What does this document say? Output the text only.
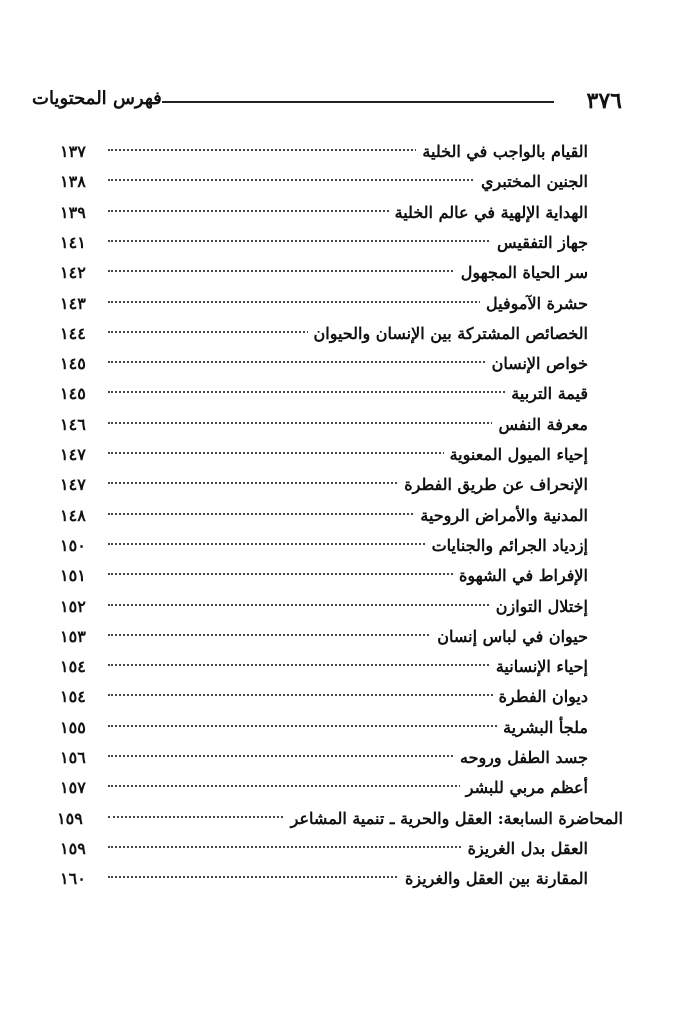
٣٧٦
فهرس المحتويات
القيام بالواجب في الخلية
١٣٧
الجنين المختبري
١٣٨
الهداية الإلهية في عالم الخلية
١٣٩
جهاز التفقيس
١٤١
سر الحياة المجهول
١٤٢
حشرة الآموفيل
١٤٣
الخصائص المشتركة بين الإنسان والحيوان
١٤٤
خواص الإنسان
١٤٥
قيمة التربية
١٤٥
معرفة النفس
١٤٦
إحياء الميول المعنوية
١٤٧
الإنحراف عن طريق الفطرة
١٤٧
المدنية والأمراض الروحية
١٤٨
إزدياد الجرائم والجنايات
١٥٠
الإفراط في الشهوة
١٥١
إختلال التوازن
١٥٢
حيوان في لباس إنسان
١٥٣
إحياء الإنسانية
١٥٤
ديوان الفطرة
١٥٤
ملجأ البشرية
١٥٥
جسد الطفل وروحه
١٥٦
أعظم مربي للبشر
١٥٧
المحاضرة السابعة: العقل والحرية ـ تنمية المشاعر
١٥٩
العقل بدل الغريزة
١٥٩
المقارنة بين العقل والغريزة
١٦٠
